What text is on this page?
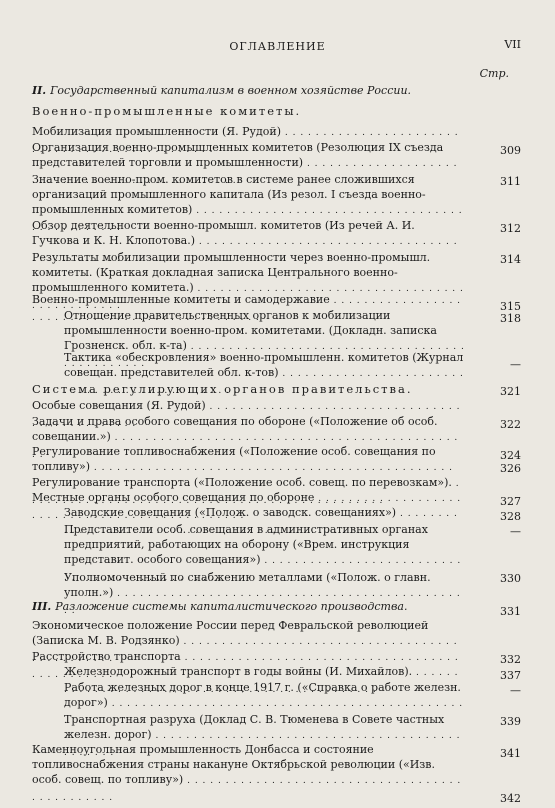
ОГЛАВЛЕНИЕ	VII
Стр.
II. Государственный капитализм в военном хозяйстве России.
Военно-промышленные комитеты.
Мобилизация промышленности (Я. Рудой) . . .
309
Организация военно-промышленных комитетов (Резолюция IX съезда представителей торговли и промышленности) . . .
311
Значение военно-пром. комитетов в системе ранее сложившихся организаций промышленного капитала (Из резол. I съезда военно-промышленных комитетов) . . .
312
Обзор деятельности военно-промышл. комитетов (Из речей А. И. Гучкова и К. Н. Клопотова.) . . .
314
Результаты мобилизации промышленности через военно-промышл. комитеты. (Краткая докладная записка Центрального военно-промышленного комитета.) . . .
315
Военно-промышленные комитеты и самодержавие . . .
318
Отношение правительственных органов к мобилизации промышленности военно-пром. комитетами. (Докладн. записка Грозненск. обл. к-та) . . .
—
Тактика «обескровления» военно-промышленн. комитетов (Журнал совещан. представителей обл. к-тов) . . .
321
Система регулирующих органов правительства.
Особые совещания (Я. Рудой) . . .
322
Задачи и права особого совещания по обороне («Положение об особ. совещании.») . . .
324
Регулирование топливоснабжения («Положение особ. совещания по топливу») . . .	326
Регулирование транспорта («Положение особ. совещ. по перевозкам»). . . .
327
Местные органы особого совещания по обороне . . .
328
Заводские совещания («Полож. о заводск. совещаниях») . . .
—
Представители особ. совещания в административных органах предприятий, работающих на оборону («Врем. инструкция представит. особого совещания») . . .
330
Уполномоченный по снабжению металлами («Полож. о главн. уполн.») . . .
331
III. Разложение системы капиталистического производства.
Экономическое положение России перед Февральской революцией (Записка М. В. Родзянко) . . .
332
Расстройство транспорта . . .
337
Железнодорожный транспорт в годы войны (И. Михайлов). . . .
—
Работа железных дорог в конце 1917 г. («Справка о работе железн. дорог») . . .
339
Транспортная разруха (Доклад С. В. Тюменева в Совете частных железн. дорог) . . .
341
Каменноугольная промышленность Донбасса и состояние топливоснабжения страны накануне Октябрьской революции («Изв. особ. совещ. по топливу») . . .
342
